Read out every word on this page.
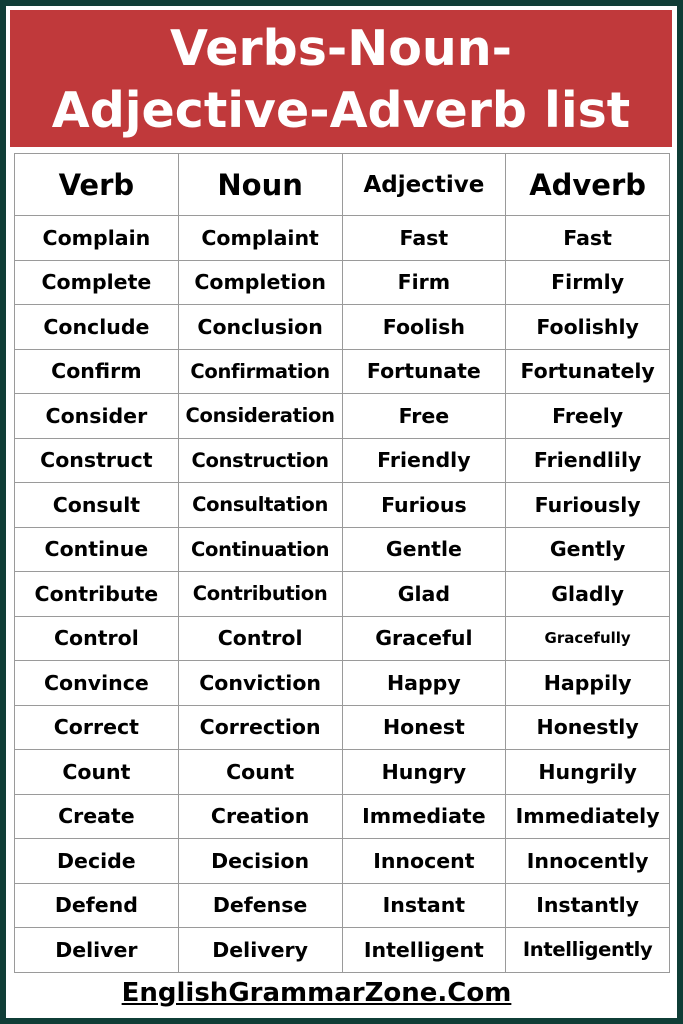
Verbs-Noun-
Adjective-Adverb list
Verb	Noun	Adjective	Adverb
Complain	Complaint	Fast	Fast
Complete	Completion	Firm	Firmly
Conclude	Conclusion	Foolish	Foolishly
Confirm	Confirmation	Fortunate	Fortunately
Consider	Consideration	Free	Freely
Construct	Construction	Friendly	Friendlily
Consult	Consultation	Furious	Furiously
Continue	Continuation	Gentle	Gently
Contribute	Contribution	Glad	Gladly
Control	Control	Graceful	Gracefully
Convince	Conviction	Happy	Happily
Correct	Correction	Honest	Honestly
Count	Count	Hungry	Hungrily
Create	Creation	Immediate	Immediately
Decide	Decision	Innocent	Innocently
Defend	Defense	Instant	Instantly
Deliver	Delivery	Intelligent	Intelligently
EnglishGrammarZone.Com
